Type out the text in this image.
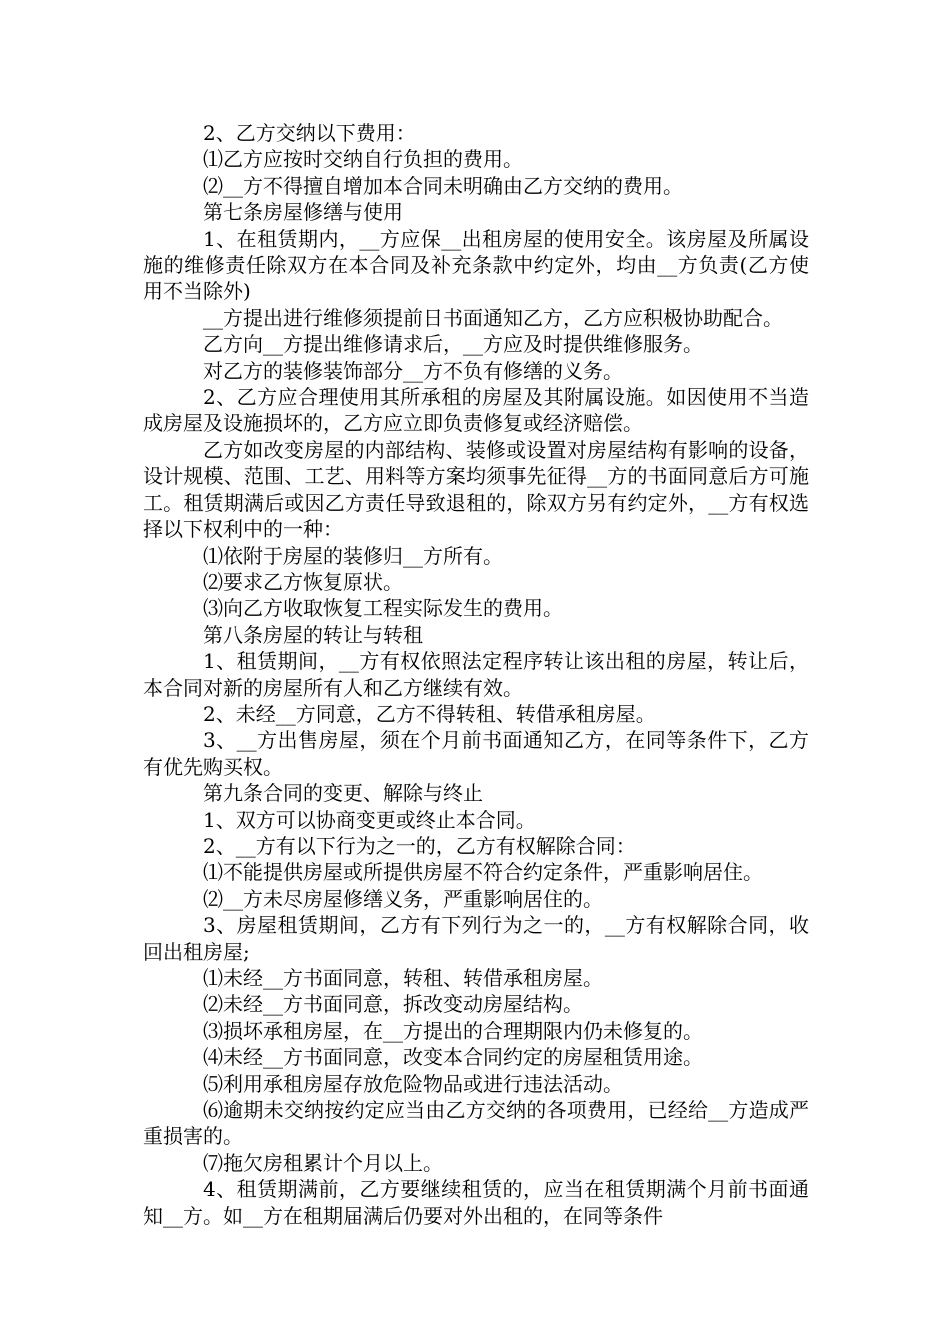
2、乙方交纳以下费用：

⑴乙方应按时交纳自行负担的费用。

⑵__方不得擅自增加本合同未明确由乙方交纳的费用。

第七条房屋修缮与使用

1、在租赁期内，__方应保__出租房屋的使用安全。该房屋及所属设施的维修责任除双方在本合同及补充条款中约定外，均由__方负责(乙方使用不当除外)

__方提出进行维修须提前日书面通知乙方，乙方应积极协助配合。

乙方向__方提出维修请求后，__方应及时提供维修服务。

对乙方的装修装饰部分__方不负有修缮的义务。

2、乙方应合理使用其所承租的房屋及其附属设施。如因使用不当造成房屋及设施损坏的，乙方应立即负责修复或经济赔偿。

乙方如改变房屋的内部结构、装修或设置对房屋结构有影响的设备，设计规模、范围、工艺、用料等方案均须事先征得__方的书面同意后方可施工。租赁期满后或因乙方责任导致退租的，除双方另有约定外，__方有权选择以下权利中的一种：

⑴依附于房屋的装修归__方所有。

⑵要求乙方恢复原状。

⑶向乙方收取恢复工程实际发生的费用。

第八条房屋的转让与转租

1、租赁期间，__方有权依照法定程序转让该出租的房屋，转让后，本合同对新的房屋所有人和乙方继续有效。

2、未经__方同意，乙方不得转租、转借承租房屋。

3、__方出售房屋，须在个月前书面通知乙方，在同等条件下，乙方有优先购买权。

第九条合同的变更、解除与终止

1、双方可以协商变更或终止本合同。

2、__方有以下行为之一的，乙方有权解除合同：

⑴不能提供房屋或所提供房屋不符合约定条件，严重影响居住。

⑵__方未尽房屋修缮义务，严重影响居住的。

3、房屋租赁期间，乙方有下列行为之一的，__方有权解除合同，收回出租房屋;

⑴未经__方书面同意，转租、转借承租房屋。

⑵未经__方书面同意，拆改变动房屋结构。

⑶损坏承租房屋，在__方提出的合理期限内仍未修复的。

⑷未经__方书面同意，改变本合同约定的房屋租赁用途。

⑸利用承租房屋存放危险物品或进行违法活动。

⑹逾期未交纳按约定应当由乙方交纳的各项费用，已经给__方造成严重损害的。

⑺拖欠房租累计个月以上。

4、租赁期满前，乙方要继续租赁的，应当在租赁期满个月前书面通知__方。如__方在租期届满后仍要对外出租的，在同等条件
